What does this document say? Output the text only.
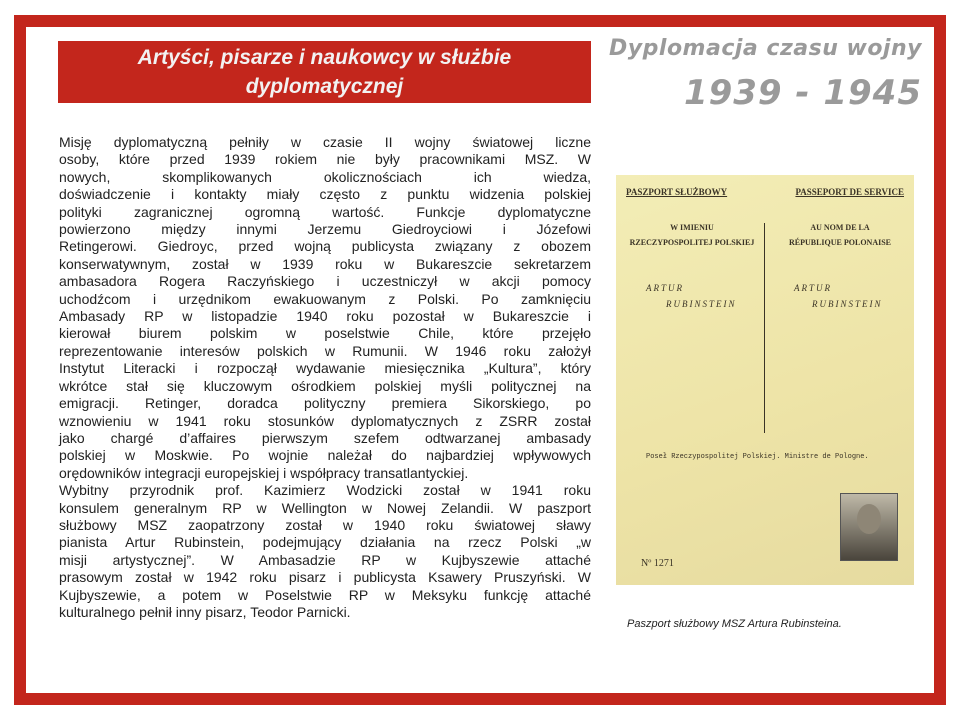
Artyści, pisarze i naukowcy w służbie
dyplomatycznej
Dyplomacja czasu wojny
1939 - 1945
Misję dyplomatyczną pełniły w czasie II wojny światowej liczne
osoby, które przed 1939 rokiem nie były pracownikami MSZ. W
nowych, skomplikowanych okolicznościach ich wiedza,
doświadczenie i kontakty miały często z punktu widzenia polskiej
polityki zagranicznej ogromną wartość. Funkcje dyplomatyczne
powierzono między innymi Jerzemu Giedroyciowi i Józefowi
Retingerowi. Giedroyc, przed wojną publicysta związany z obozem
konserwatywnym, został w 1939 roku w Bukareszcie sekretarzem
ambasadora Rogera Raczyńskiego i uczestniczył w akcji pomocy
uchodźcom i urzędnikom ewakuowanym z Polski. Po zamknięciu
Ambasady RP w listopadzie 1940 roku pozostał w Bukareszcie i
kierował biurem polskim w poselstwie Chile, które przejęło
reprezentowanie interesów polskich w Rumunii. W 1946 roku założył
Instytut Literacki i rozpoczął wydawanie miesięcznika „Kultura”, który
wkrótce stał się kluczowym ośrodkiem polskiej myśli politycznej na
emigracji. Retinger, doradca polityczny premiera Sikorskiego, po
wznowieniu w 1941 roku stosunków dyplomatycznych z ZSRR został
jako chargé d’affaires pierwszym szefem odtwarzanej ambasady
polskiej w Moskwie. Po wojnie należał do najbardziej wpływowych
orędowników integracji europejskiej i współpracy transatlantyckiej.
Wybitny przyrodnik prof. Kazimierz Wodzicki został w 1941 roku
konsulem generalnym RP w Wellington w Nowej Zelandii. W paszport
służbowy MSZ zaopatrzony został w 1940 roku światowej sławy
pianista Artur Rubinstein, podejmujący działania na rzecz Polski „w
misji artystycznej”. W Ambasadzie RP w Kujbyszewie attaché
prasowym został w 1942 roku pisarz i publicysta Ksawery Pruszyński. W
Kujbyszewie, a potem w Poselstwie RP w Meksyku funkcję attaché
kulturalnego pełnił inny pisarz, Teodor Parnicki.
PASZPORT SŁUŻBOWY	PASSEPORT DE SERVICE
W IMIENIU
RZECZYPOSPOLITEJ POLSKIEJ
AU NOM DE LA
RÉPUBLIQUE POLONAISE
ARTUR
RUBINSTEIN
ARTUR
RUBINSTEIN
Poseł Rzeczypospolitej Polskiej. Ministre de Pologne.
Nº 1271
Paszport służbowy MSZ Artura Rubinsteina.
